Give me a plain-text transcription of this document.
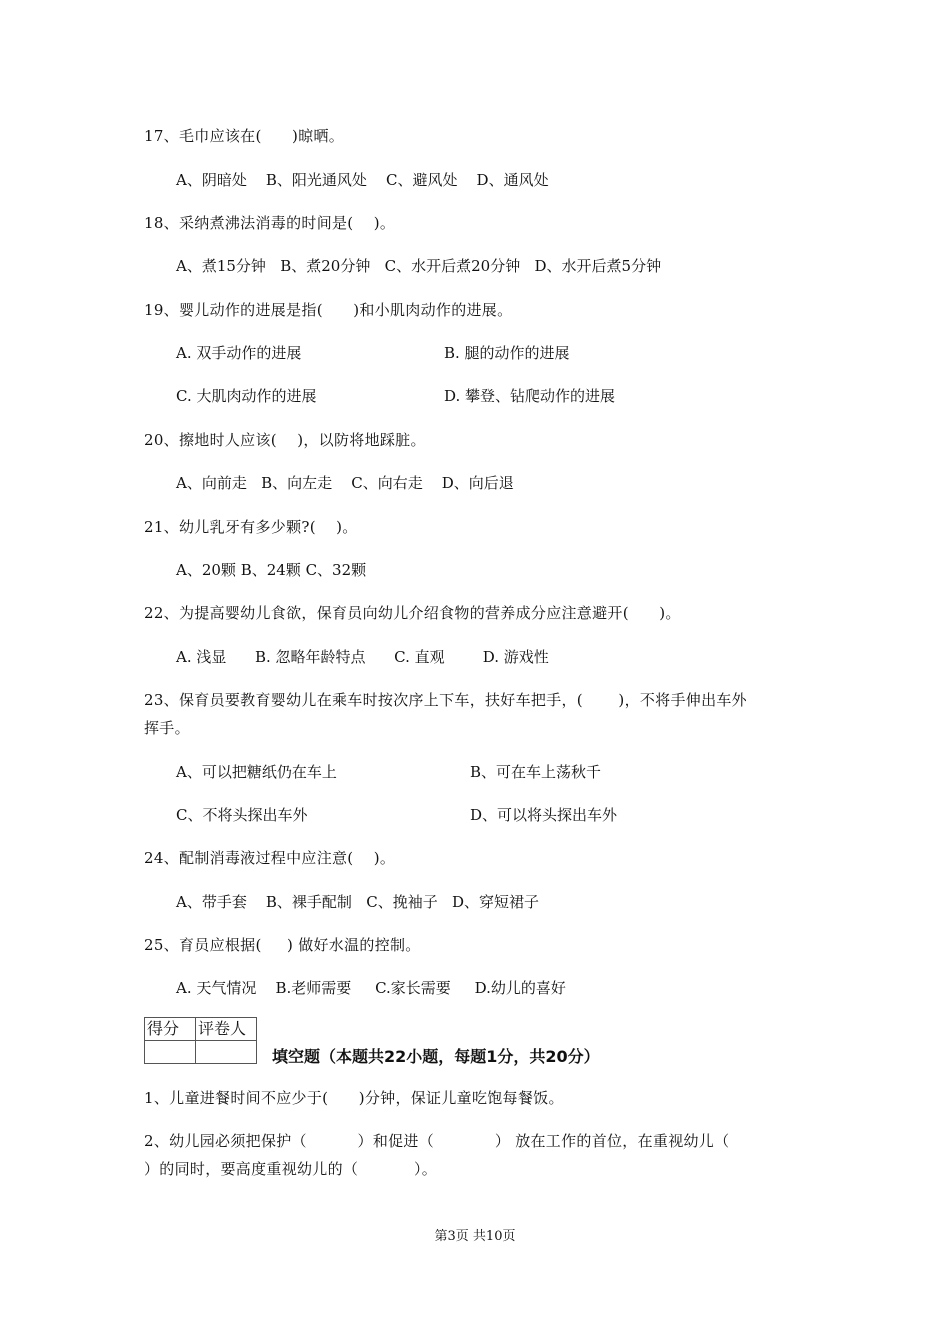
17、毛巾应该在(      )晾晒。
A、阴暗处    B、阳光通风处    C、避风处    D、通风处
18、采纳煮沸法消毒的时间是(    )。
A、煮15分钟   B、煮20分钟   C、水开后煮20分钟   D、水开后煮5分钟
19、婴儿动作的进展是指(      )和小肌肉动作的进展。
A. 双手动作的进展	B. 腿的动作的进展
C. 大肌肉动作的进展	D. 攀登、钻爬动作的进展
20、擦地时人应该(    )，以防将地踩脏。
A、向前走   B、向左走    C、向右走    D、向后退
21、幼儿乳牙有多少颗?(    )。
A、20颗 B、24颗 C、32颗
22、为提高婴幼儿食欲，保育员向幼儿介绍食物的营养成分应注意避开(      )。
A. 浅显      B. 忽略年龄特点      C. 直观        D. 游戏性
23、保育员要教育婴幼儿在乘车时按次序上下车，扶好车把手，(       )，不将手伸出车外
挥手。
A、可以把糖纸仍在车上	B、可在车上荡秋千
C、不将头探出车外	D、可以将头探出车外
24、配制消毒液过程中应注意(    )。
A、带手套    B、裸手配制   C、挽袖子   D、穿短裙子
25、育员应根据(     ) 做好水温的控制。
A. 天气情况    B.老师需要     C.家长需要     D.幼儿的喜好
得分	评卷人

填空题（本题共22小题，每题1分，共20分）
1、儿童进餐时间不应少于(      )分钟，保证儿童吃饱每餐饭。
2、幼儿园必须把保护（          ）和促进（            ） 放在工作的首位，在重视幼儿（
）的同时，要高度重视幼儿的（           ）。
第3页 共10页
